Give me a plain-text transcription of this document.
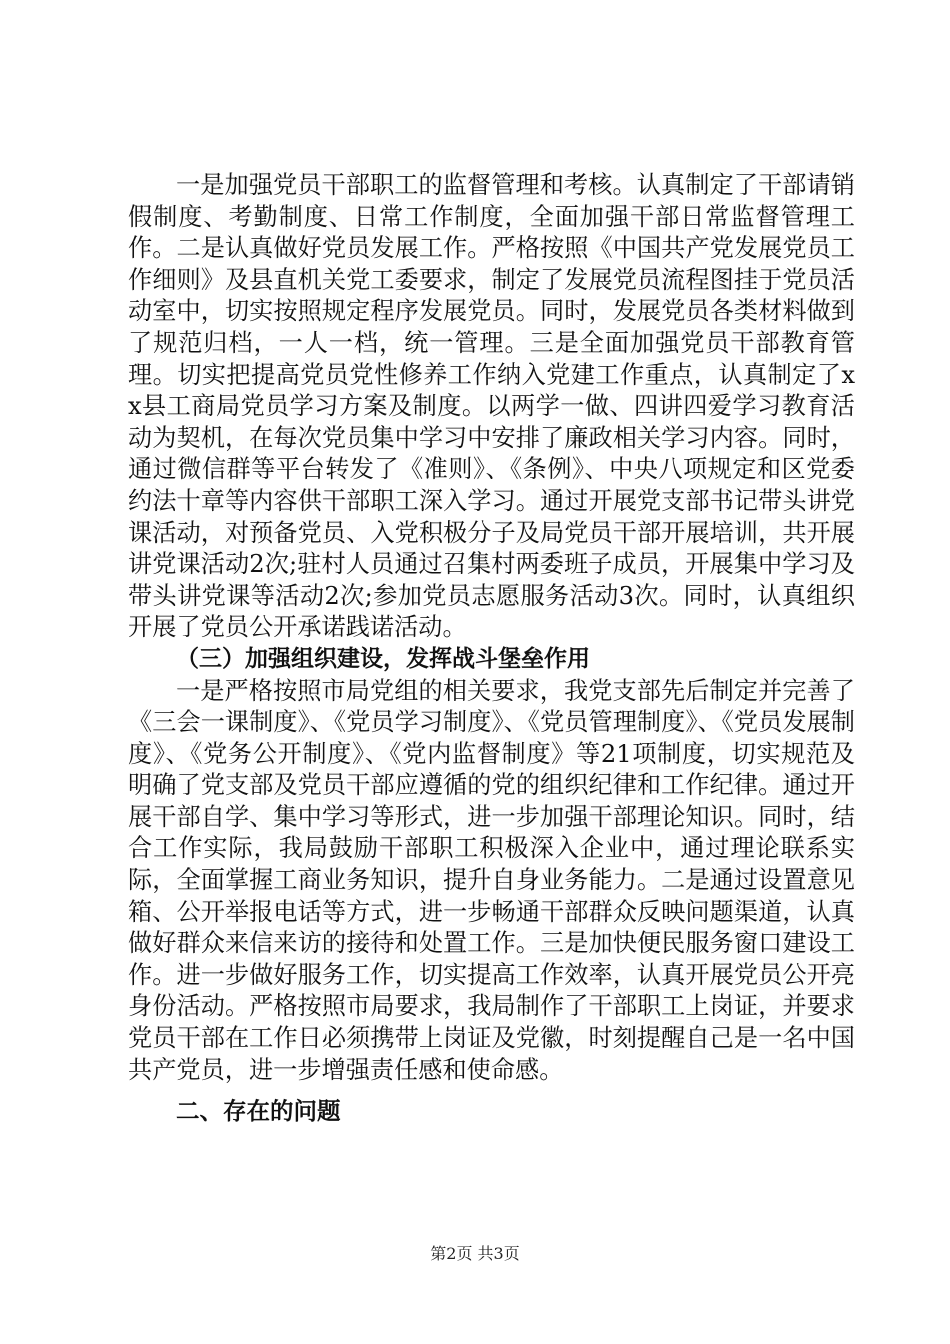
一是加强党员干部职工的监督管理和考核。认真制定了干部请销假制度、考勤制度、日常工作制度，全面加强干部日常监督管理工作。二是认真做好党员发展工作。严格按照《中国共产党发展党员工作细则》及县直机关党工委要求，制定了发展党员流程图挂于党员活动室中，切实按照规定程序发展党员。同时，发展党员各类材料做到了规范归档，一人一档，统一管理。三是全面加强党员干部教育管理。切实把提高党员党性修养工作纳入党建工作重点，认真制定了xx县工商局党员学习方案及制度。以两学一做、四讲四爱学习教育活动为契机，在每次党员集中学习中安排了廉政相关学习内容。同时，通过微信群等平台转发了《准则》、《条例》、中央八项规定和区党委约法十章等内容供干部职工深入学习。通过开展党支部书记带头讲党课活动，对预备党员、入党积极分子及局党员干部开展培训，共开展讲党课活动2次;驻村人员通过召集村两委班子成员，开展集中学习及带头讲党课等活动2次;参加党员志愿服务活动3次。同时，认真组织开展了党员公开承诺践诺活动。

（三）加强组织建设，发挥战斗堡垒作用

一是严格按照市局党组的相关要求，我党支部先后制定并完善了《三会一课制度》、《党员学习制度》、《党员管理制度》、《党员发展制度》、《党务公开制度》、《党内监督制度》等21项制度，切实规范及明确了党支部及党员干部应遵循的党的组织纪律和工作纪律。通过开展干部自学、集中学习等形式，进一步加强干部理论知识。同时，结合工作实际，我局鼓励干部职工积极深入企业中，通过理论联系实际，全面掌握工商业务知识，提升自身业务能力。二是通过设置意见箱、公开举报电话等方式，进一步畅通干部群众反映问题渠道，认真做好群众来信来访的接待和处置工作。三是加快便民服务窗口建设工作。进一步做好服务工作，切实提高工作效率，认真开展党员公开亮身份活动。严格按照市局要求，我局制作了干部职工上岗证，并要求党员干部在工作日必须携带上岗证及党徽，时刻提醒自己是一名中国共产党员，进一步增强责任感和使命感。

二、存在的问题

第2页 共3页
